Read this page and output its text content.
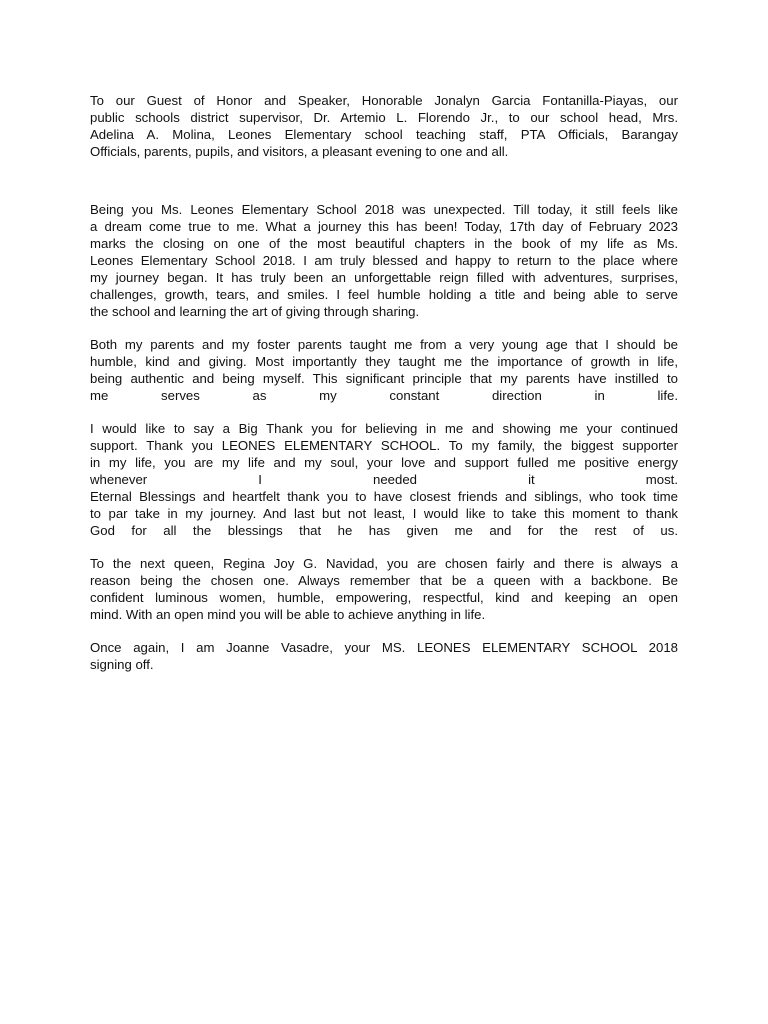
To our Guest of Honor and Speaker, Honorable Jonalyn Garcia Fontanilla-Piayas, our
public schools district supervisor, Dr. Artemio L. Florendo Jr., to our school head, Mrs.
Adelina A. Molina, Leones Elementary school teaching staff, PTA Officials, Barangay
Officials, parents, pupils, and visitors, a pleasant evening to one and all.

Being you Ms. Leones Elementary School 2018 was unexpected. Till today, it still feels like
a dream come true to me. What a journey this has been! Today, 17th day of February 2023
marks the closing on one of the most beautiful chapters in the book of my life as Ms.
Leones Elementary School 2018. I am truly blessed and happy to return to the place where
my journey began. It has truly been an unforgettable reign filled with adventures, surprises,
challenges, growth, tears, and smiles. I feel humble holding a title and being able to serve
the school and learning the art of giving through sharing.

Both my parents and my foster parents taught me from a very young age that I should be
humble, kind and giving. Most importantly they taught me the importance of growth in life,
being authentic and being myself. This significant principle that my parents have instilled to
me serves as my constant direction in life.

I would like to say a Big Thank you for believing in me and showing me your continued
support. Thank you LEONES ELEMENTARY SCHOOL. To my family, the biggest supporter
in my life, you are my life and my soul, your love and support fulled me positive energy
whenever I needed it most.
Eternal Blessings and heartfelt thank you to have closest friends and siblings, who took time
to par take in my journey. And last but not least, I would like to take this moment to thank
God for all the blessings that he has given me and for the rest of us.

To the next queen, Regina Joy G. Navidad, you are chosen fairly and there is always a
reason being the chosen one. Always remember that be a queen with a backbone. Be
confident luminous women, humble, empowering, respectful, kind and keeping an open
mind. With an open mind you will be able to achieve anything in life.

Once again, I am Joanne Vasadre, your MS. LEONES ELEMENTARY SCHOOL 2018
signing off.
